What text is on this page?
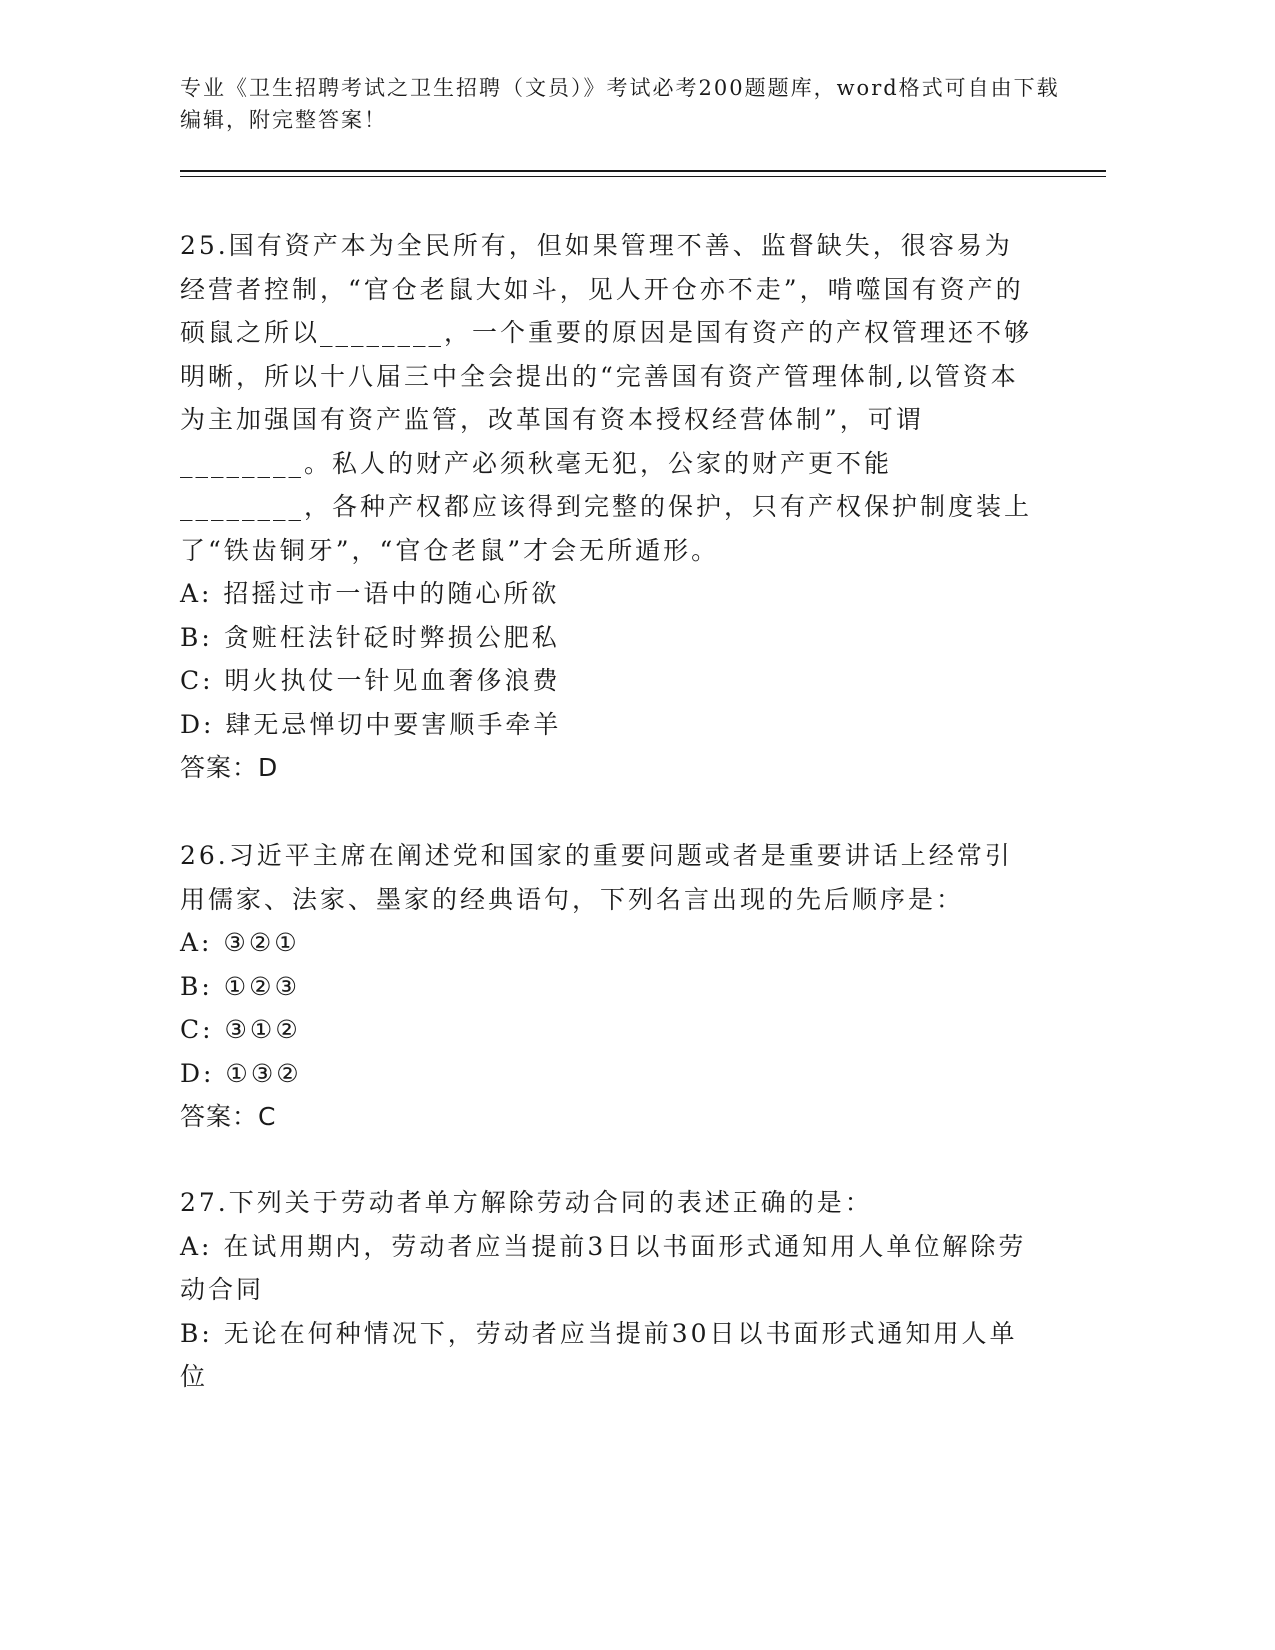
专业《卫生招聘考试之卫生招聘（文员）》考试必考200题题库，word格式可自由下载编辑，附完整答案！

25.国有资产本为全民所有，但如果管理不善、监督缺失，很容易为经营者控制，“官仓老鼠大如斗，见人开仓亦不走”，啃噬国有资产的硕鼠之所以________，一个重要的原因是国有资产的产权管理还不够明晰，所以十八届三中全会提出的“完善国有资产管理体制,以管资本为主加强国有资产监管，改革国有资本授权经营体制”，可谓________。私人的财产必须秋毫无犯，公家的财产更不能________，各种产权都应该得到完整的保护，只有产权保护制度装上了“铁齿铜牙”，“官仓老鼠”才会无所遁形。

A: 招摇过市一语中的随心所欲

B: 贪赃枉法针砭时弊损公肥私

C: 明火执仗一针见血奢侈浪费

D: 肆无忌惮切中要害顺手牵羊

答案：D

26.习近平主席在阐述党和国家的重要问题或者是重要讲话上经常引用儒家、法家、墨家的经典语句，下列名言出现的先后顺序是：

A: ③②①

B: ①②③

C: ③①②

D: ①③②

答案：C

27.下列关于劳动者单方解除劳动合同的表述正确的是：

A: 在试用期内，劳动者应当提前3日以书面形式通知用人单位解除劳动合同

B: 无论在何种情况下，劳动者应当提前30日以书面形式通知用人单位
